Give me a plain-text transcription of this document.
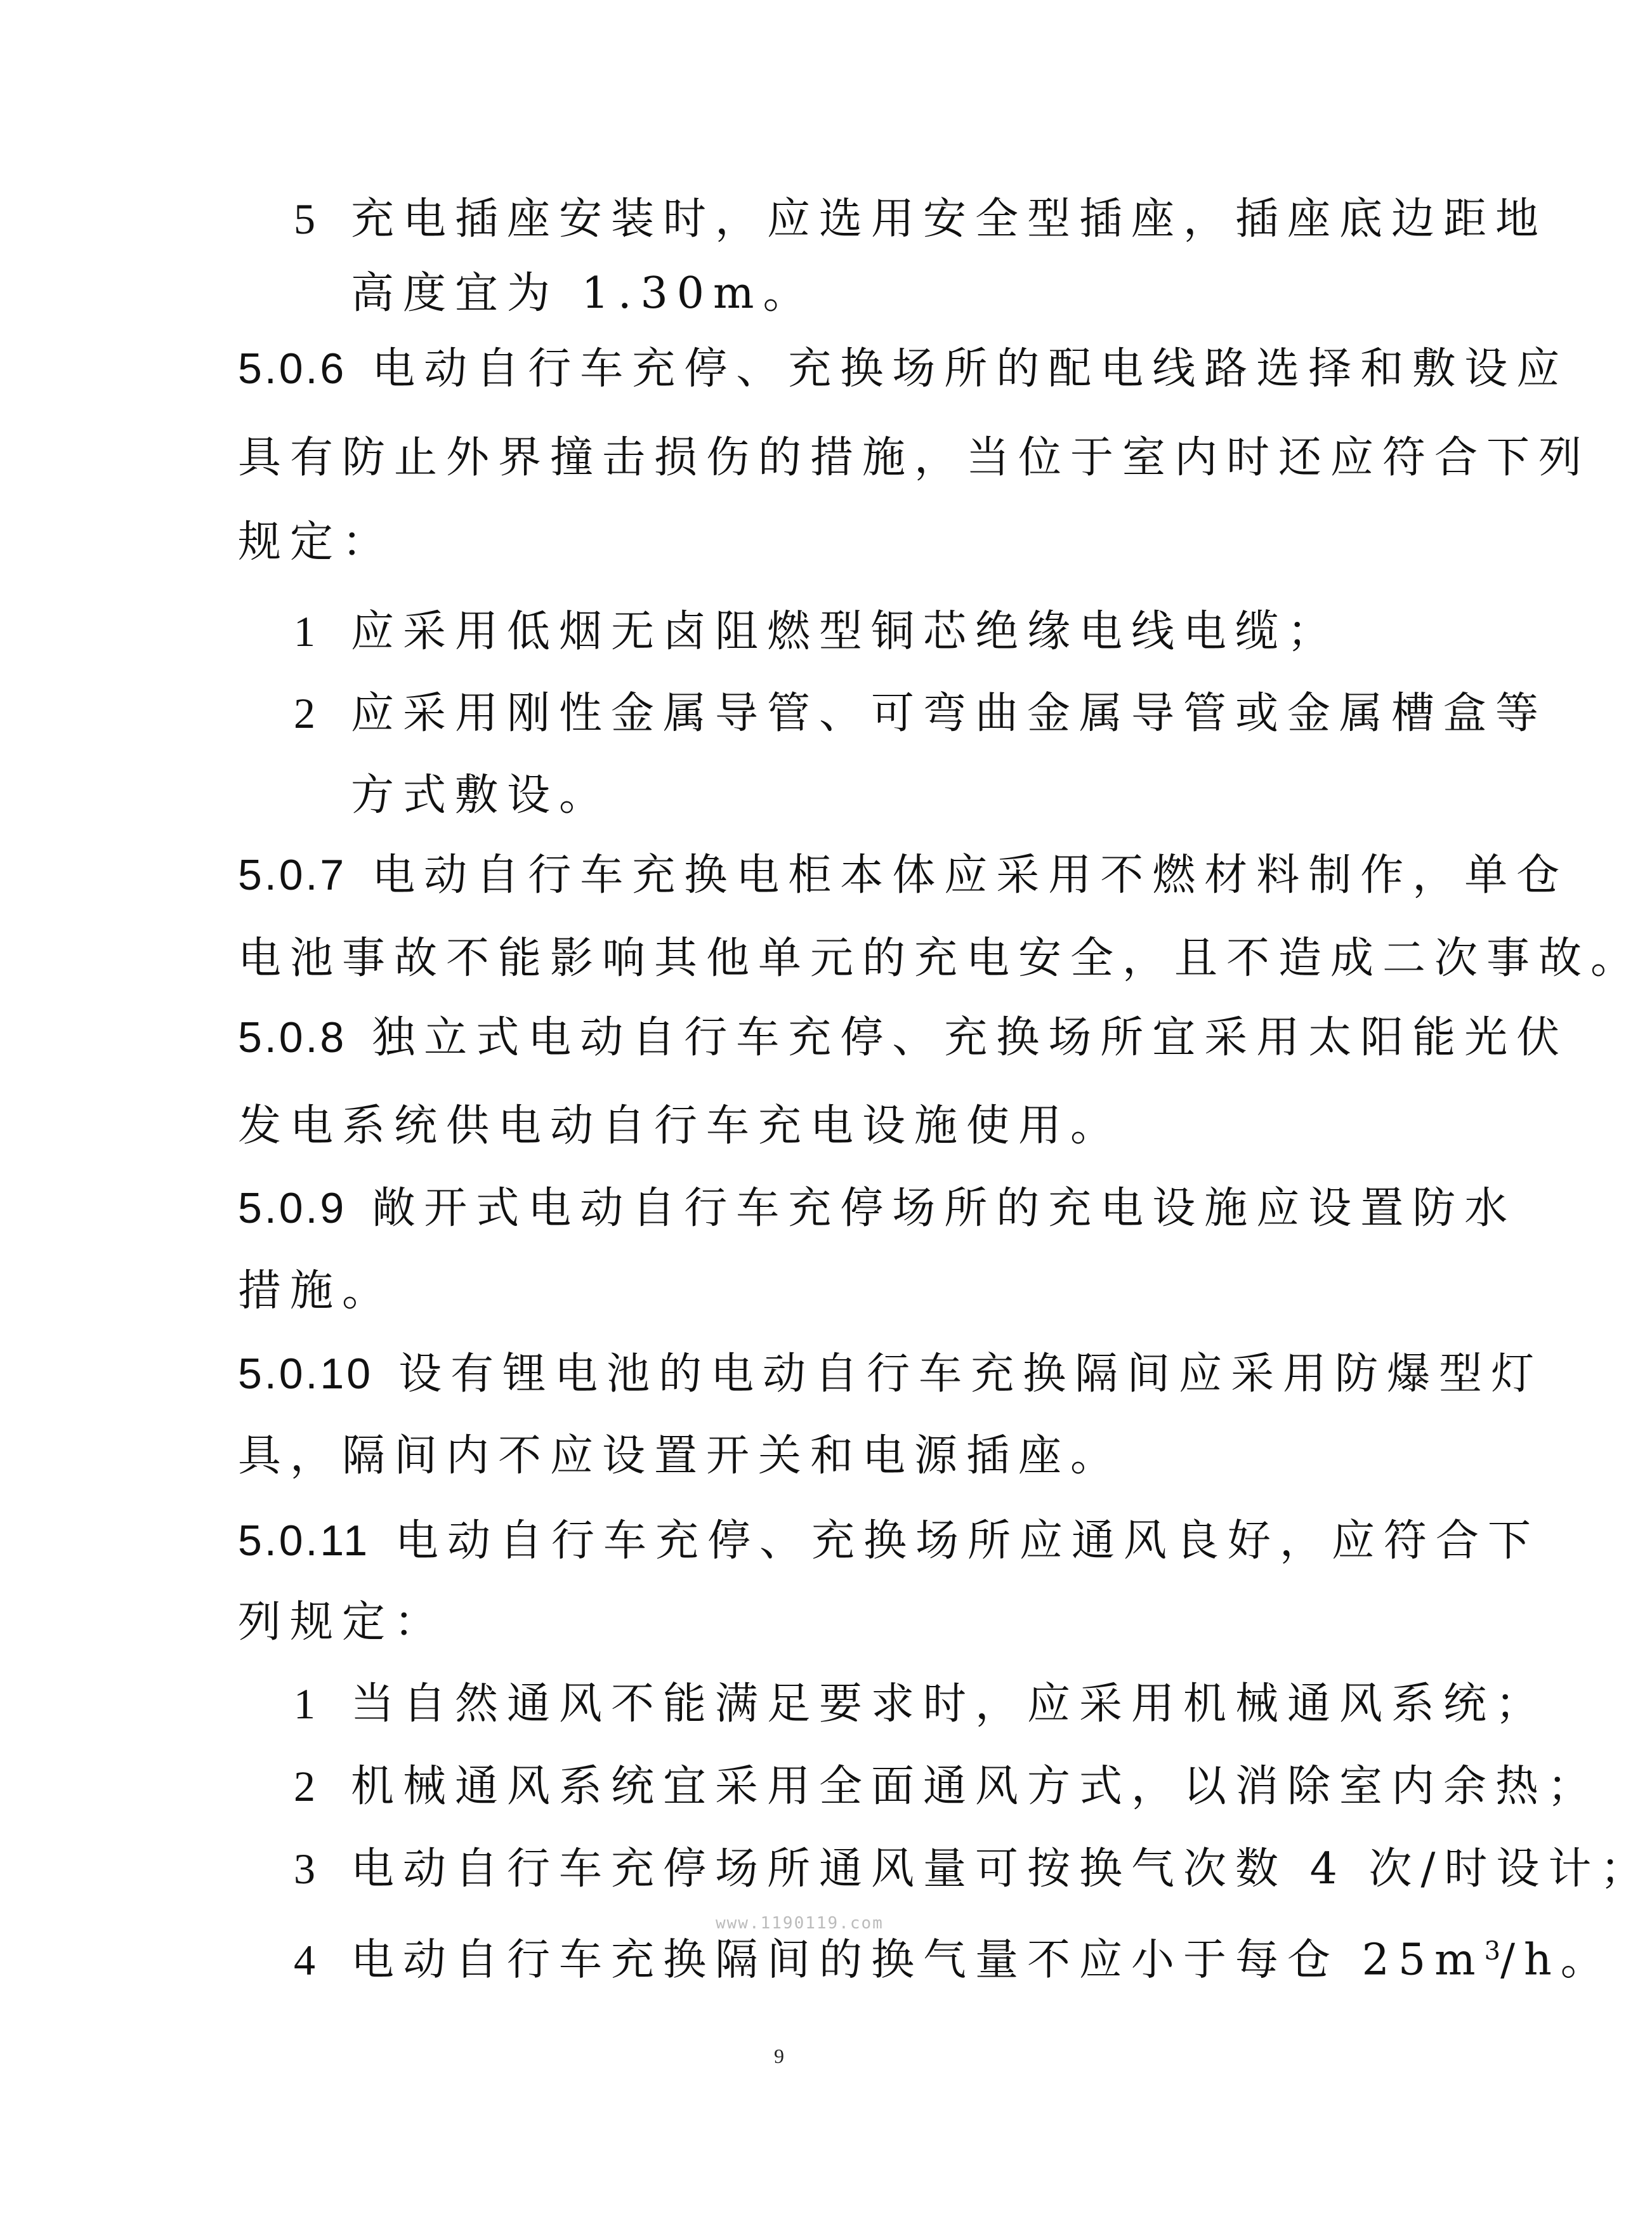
5 充电插座安装时，应选用安全型插座，插座底边距地
高度宜为 1.30m。
5.0.6 电动自行车充停、充换场所的配电线路选择和敷设应
具有防止外界撞击损伤的措施，当位于室内时还应符合下列
规定：
1 应采用低烟无卤阻燃型铜芯绝缘电线电缆；
2 应采用刚性金属导管、可弯曲金属导管或金属槽盒等
方式敷设。
5.0.7 电动自行车充换电柜本体应采用不燃材料制作，单仓
电池事故不能影响其他单元的充电安全，且不造成二次事故。
5.0.8 独立式电动自行车充停、充换场所宜采用太阳能光伏
发电系统供电动自行车充电设施使用。
5.0.9 敞开式电动自行车充停场所的充电设施应设置防水
措施。
5.0.10 设有锂电池的电动自行车充换隔间应采用防爆型灯
具，隔间内不应设置开关和电源插座。
5.0.11 电动自行车充停、充换场所应通风良好，应符合下
列规定：
1 当自然通风不能满足要求时，应采用机械通风系统；
2 机械通风系统宜采用全面通风方式，以消除室内余热；
3 电动自行车充停场所通风量可按换气次数 4 次/时设计；
4 电动自行车充换隔间的换气量不应小于每仓 $25m^3/h$。
www.1190119.com
9
